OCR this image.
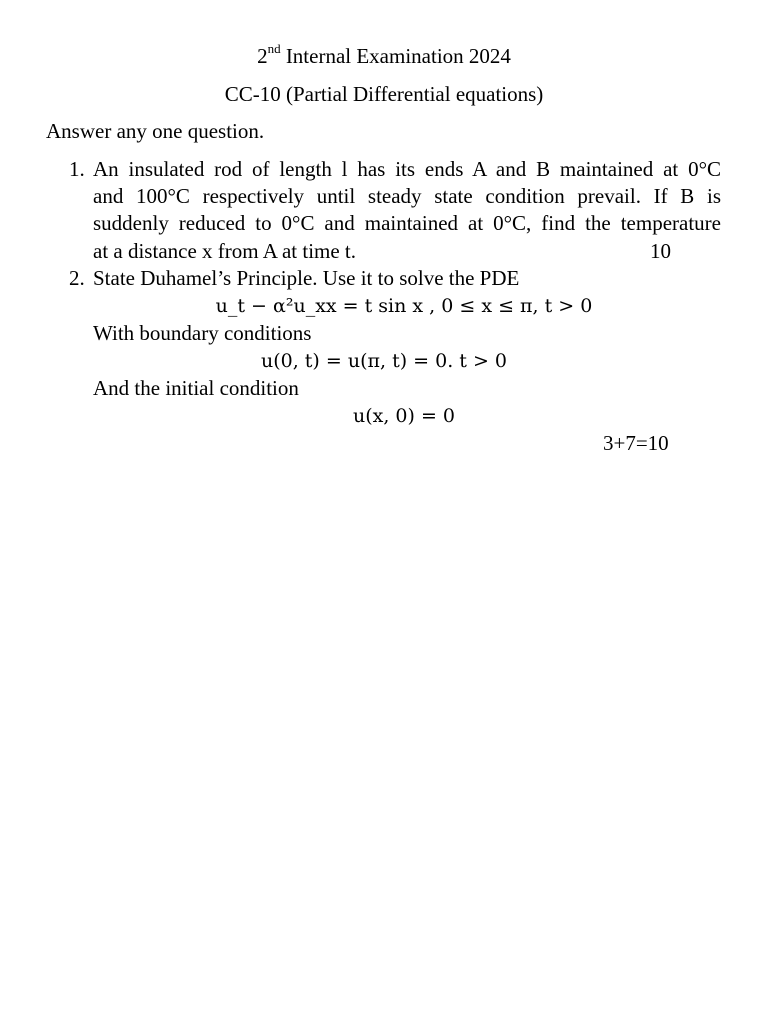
2nd Internal Examination 2024
CC-10 (Partial Differential equations)
Answer any one question.
1. An insulated rod of length l has its ends A and B maintained at 0°C
and 100°C respectively until steady state condition prevail. If B is
suddenly reduced to 0°C and maintained at 0°C, find the temperature
at a distance x from A at time t.	10
2. State Duhamel’s Principle. Use it to solve the PDE
u_t − α²u_xx = t sin x , 0 ≤ x ≤ π, t > 0
With boundary conditions
u(0, t) = u(π, t) = 0. t > 0
And the initial condition
u(x, 0) = 0
3+7=10
